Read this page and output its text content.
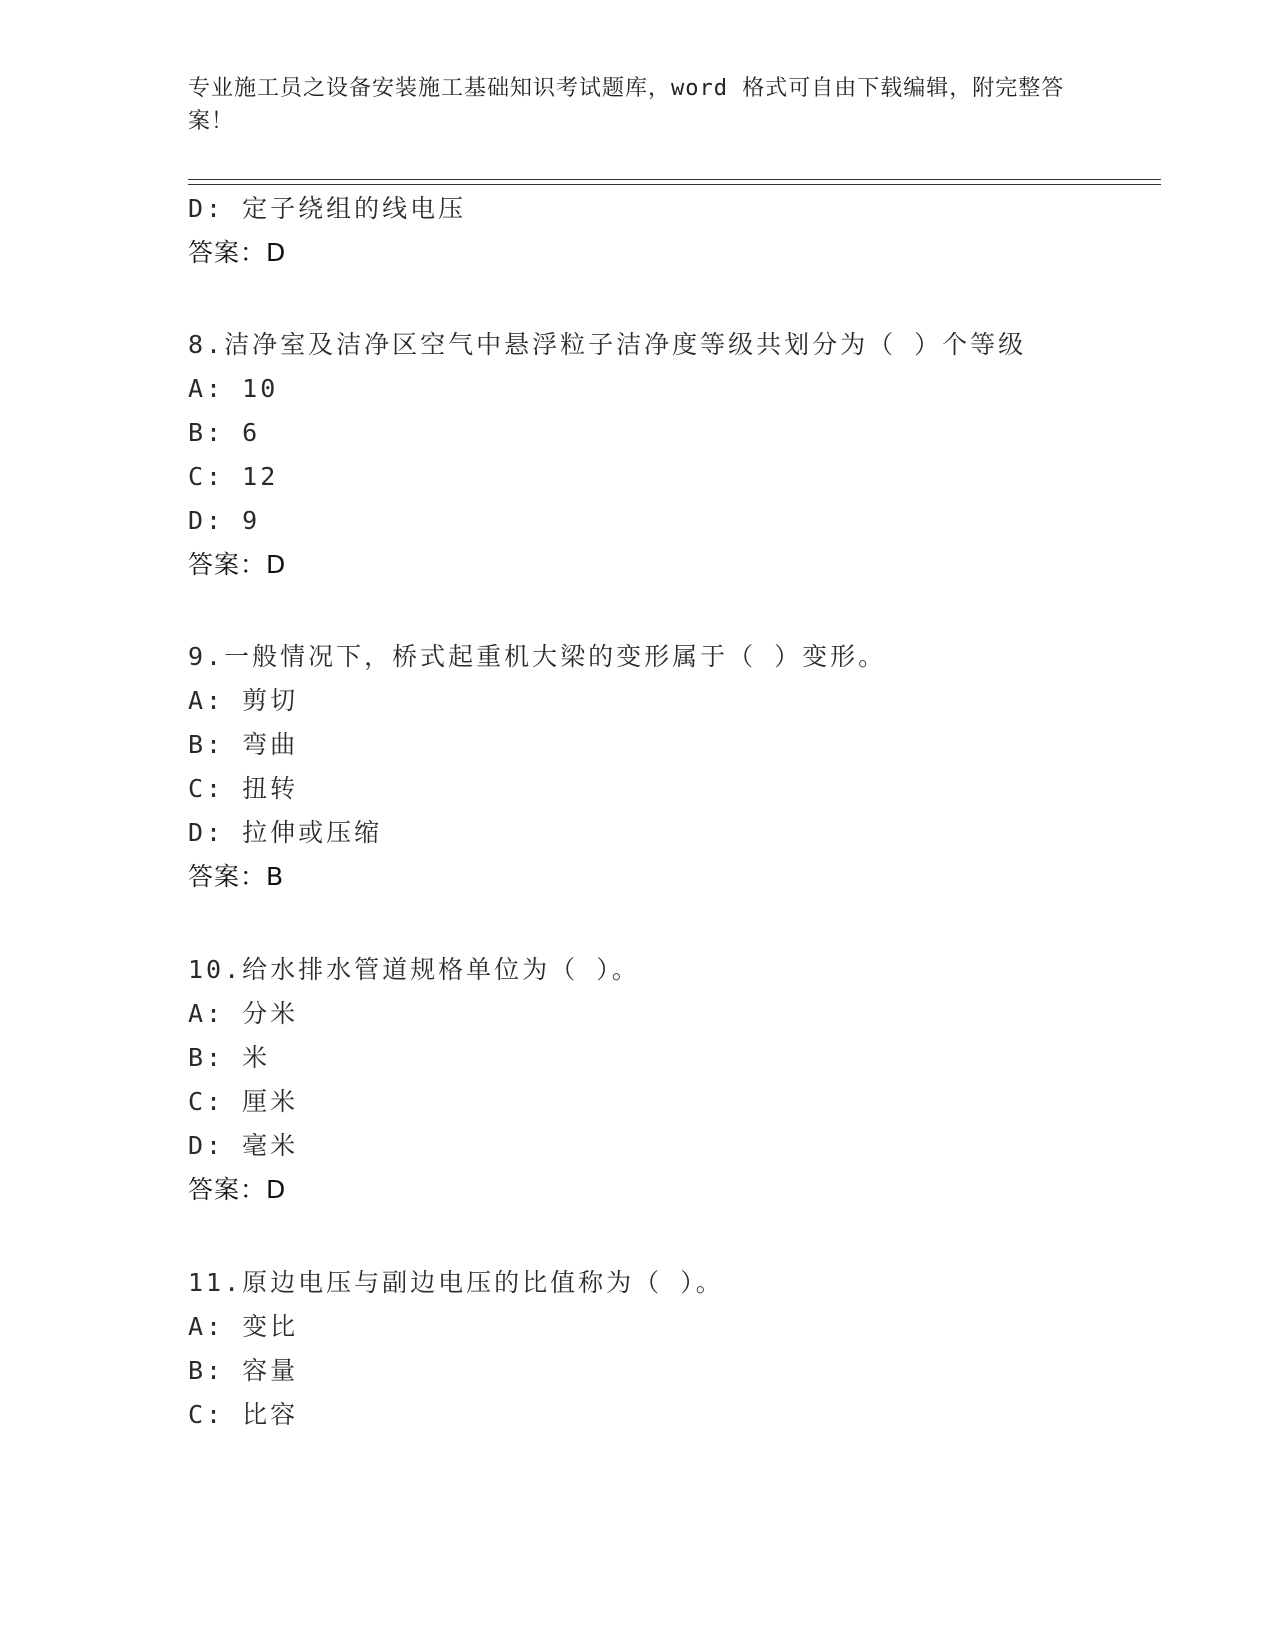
专业施工员之设备安装施工基础知识考试题库，word 格式可自由下载编辑，附完整答案！
D: 定子绕组的线电压
答案：D
8.洁净室及洁净区空气中悬浮粒子洁净度等级共划分为（ ）个等级
A: 10
B: 6
C: 12
D: 9
答案：D
9.一般情况下，桥式起重机大梁的变形属于（ ）变形。
A: 剪切
B: 弯曲
C: 扭转
D: 拉伸或压缩
答案：B
10.给水排水管道规格单位为（ ）。
A: 分米
B: 米
C: 厘米
D: 毫米
答案：D
11.原边电压与副边电压的比值称为（ ）。
A: 变比
B: 容量
C: 比容
